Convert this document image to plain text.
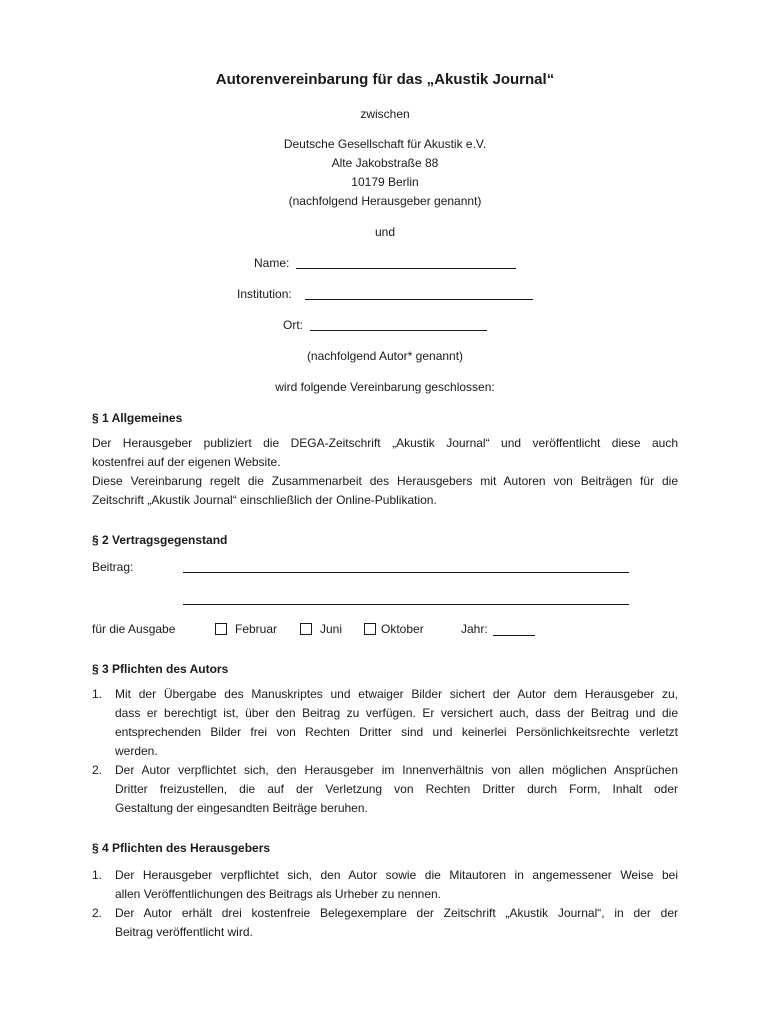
Autorenvereinbarung für das „Akustik Journal“
zwischen
Deutsche Gesellschaft für Akustik e.V.
Alte Jakobstraße 88
10179 Berlin
(nachfolgend Herausgeber genannt)
und
Name:
Institution:
Ort:
(nachfolgend Autor* genannt)
wird folgende Vereinbarung geschlossen:
§ 1 Allgemeines
Der Herausgeber publiziert die DEGA-Zeitschrift „Akustik Journal“ und veröffentlicht diese auch
kostenfrei auf der eigenen Website.
Diese Vereinbarung regelt die Zusammenarbeit des Herausgebers mit Autoren von Beiträgen für die
Zeitschrift „Akustik Journal“ einschließlich der Online-Publikation.
§ 2 Vertragsgegenstand
Beitrag:
für die Ausgabe	Februar	Juni	Oktober	Jahr:
§ 3 Pflichten des Autors
1. Mit der Übergabe des Manuskriptes und etwaiger Bilder sichert der Autor dem Herausgeber zu,
dass er berechtigt ist, über den Beitrag zu verfügen. Er versichert auch, dass der Beitrag und die
entsprechenden Bilder frei von Rechten Dritter sind und keinerlei Persönlichkeitsrechte verletzt
werden.
2. Der Autor verpflichtet sich, den Herausgeber im Innenverhältnis von allen möglichen Ansprüchen
Dritter freizustellen, die auf der Verletzung von Rechten Dritter durch Form, Inhalt oder
Gestaltung der eingesandten Beiträge beruhen.
§ 4 Pflichten des Herausgebers
1. Der Herausgeber verpflichtet sich, den Autor sowie die Mitautoren in angemessener Weise bei
allen Veröffentlichungen des Beitrags als Urheber zu nennen.
2. Der Autor erhält drei kostenfreie Belegexemplare der Zeitschrift „Akustik Journal“, in der der
Beitrag veröffentlicht wird.
